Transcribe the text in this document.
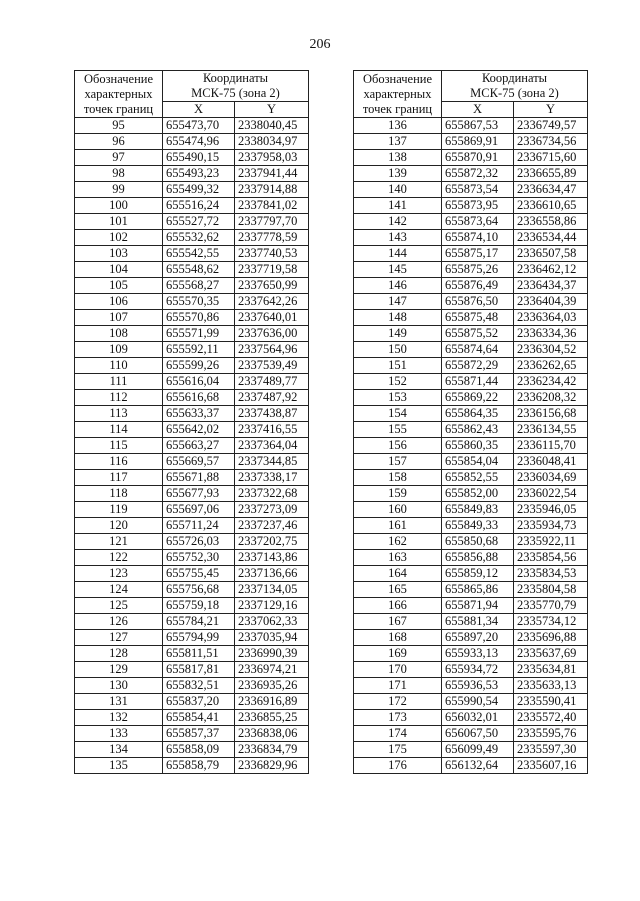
206
Обозначение
характерных
точек границ	Координаты
МСК-75 (зона 2)	

	X	Y
95	655473,70	2338040,45
96	655474,96	2338034,97
97	655490,15	2337958,03
98	655493,23	2337941,44
99	655499,32	2337914,88
100	655516,24	2337841,02
101	655527,72	2337797,70
102	655532,62	2337778,59
103	655542,55	2337740,53
104	655548,62	2337719,58
105	655568,27	2337650,99
106	655570,35	2337642,26
107	655570,86	2337640,01
108	655571,99	2337636,00
109	655592,11	2337564,96
110	655599,26	2337539,49
111	655616,04	2337489,77
112	655616,68	2337487,92
113	655633,37	2337438,87
114	655642,02	2337416,55
115	655663,27	2337364,04
116	655669,57	2337344,85
117	655671,88	2337338,17
118	655677,93	2337322,68
119	655697,06	2337273,09
120	655711,24	2337237,46
121	655726,03	2337202,75
122	655752,30	2337143,86
123	655755,45	2337136,66
124	655756,68	2337134,05
125	655759,18	2337129,16
126	655784,21	2337062,33
127	655794,99	2337035,94
128	655811,51	2336990,39
129	655817,81	2336974,21
130	655832,51	2336935,26
131	655837,20	2336916,89
132	655854,41	2336855,25
133	655857,37	2336838,06
134	655858,09	2336834,79
135	655858,79	2336829,96
Обозначение
характерных
точек границ	Координаты
МСК-75 (зона 2)	

	X	Y
136	655867,53	2336749,57
137	655869,91	2336734,56
138	655870,91	2336715,60
139	655872,32	2336655,89
140	655873,54	2336634,47
141	655873,95	2336610,65
142	655873,64	2336558,86
143	655874,10	2336534,44
144	655875,17	2336507,58
145	655875,26	2336462,12
146	655876,49	2336434,37
147	655876,50	2336404,39
148	655875,48	2336364,03
149	655875,52	2336334,36
150	655874,64	2336304,52
151	655872,29	2336262,65
152	655871,44	2336234,42
153	655869,22	2336208,32
154	655864,35	2336156,68
155	655862,43	2336134,55
156	655860,35	2336115,70
157	655854,04	2336048,41
158	655852,55	2336034,69
159	655852,00	2336022,54
160	655849,83	2335946,05
161	655849,33	2335934,73
162	655850,68	2335922,11
163	655856,88	2335854,56
164	655859,12	2335834,53
165	655865,86	2335804,58
166	655871,94	2335770,79
167	655881,34	2335734,12
168	655897,20	2335696,88
169	655933,13	2335637,69
170	655934,72	2335634,81
171	655936,53	2335633,13
172	655990,54	2335590,41
173	656032,01	2335572,40
174	656067,50	2335595,76
175	656099,49	2335597,30
176	656132,64	2335607,16
